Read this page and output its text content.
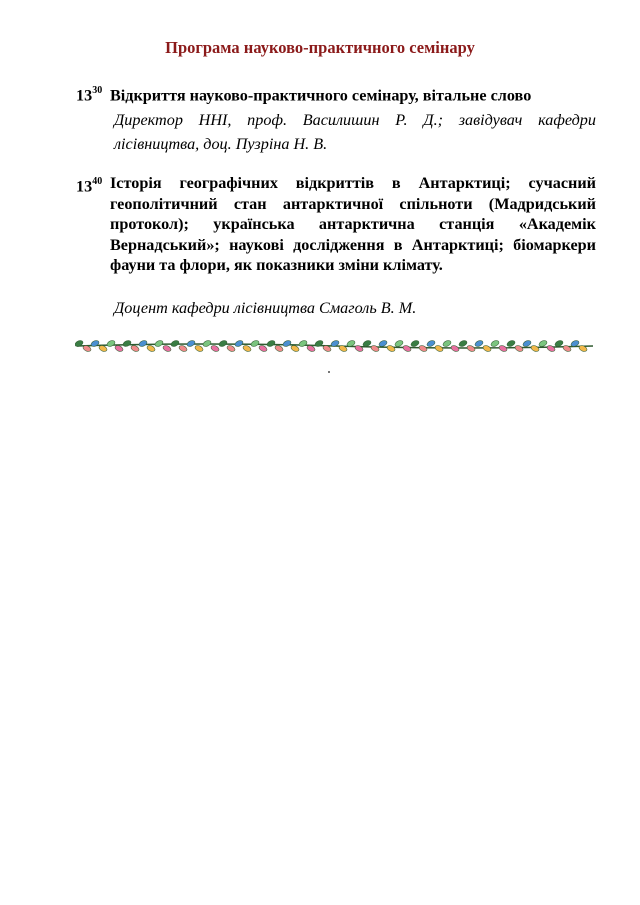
Програма науково-практичного семінару
$13^{30}$ Відкриття науково-практичного семінару, вітальне слово
Директор ННІ, проф. Василишин Р. Д.; завідувач кафедри лісівництва, доц. Пузріна Н. В.
$13^{40}$ Історія географічних відкриттів в Антарктиці; сучасний геополітичний стан антарктичної спільноти (Мадридський протокол); українська антарктична станція «Академік Вернадський»; наукові дослідження в Антарктиці; біомаркери фауни та флори, як показники зміни клімату.
Доцент кафедри лісівництва Смаголь В. М.
